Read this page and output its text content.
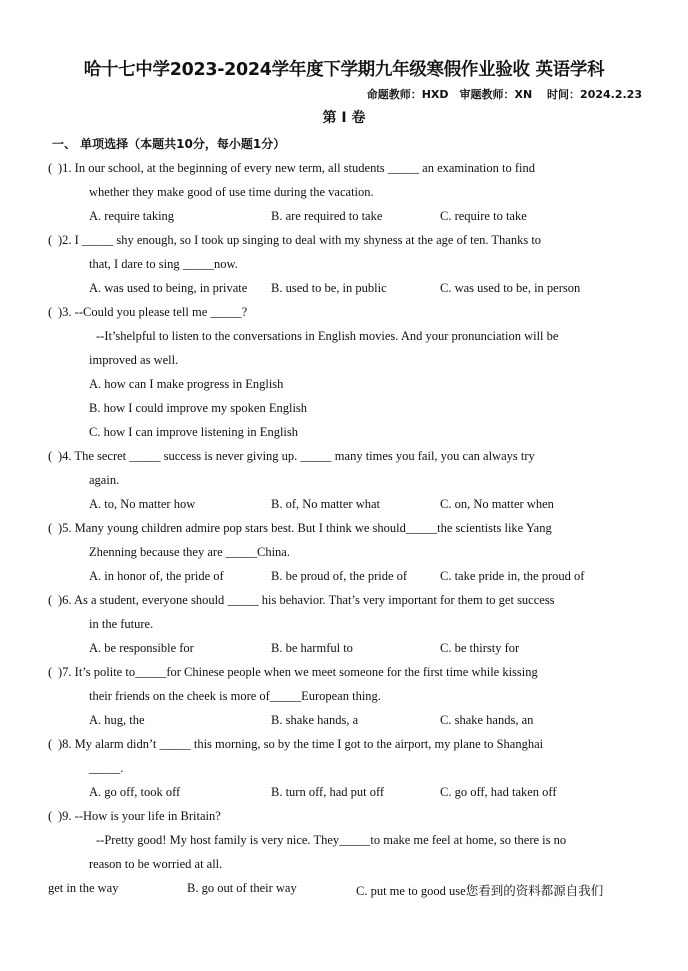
哈十七中学2023-2024学年度下学期九年级寒假作业验收 英语学科
命题教师：HXD　审题教师：XN　 时间：2024.2.23
第 I 卷
一、 单项选择（本题共10分，每小题1分）
( )1. In our school, at the beginning of every new term, all students _____ an examination to find
whether they make good of use time during the vacation.
A. require taking	B. are required to take	C. require to take
( )2. I _____ shy enough, so I took up singing to deal with my shyness at the age of ten. Thanks to
that, I dare to sing _____now.
A. was used to being, in private B. used to be, in public	C. was used to be, in person
( )3. --Could you please tell me _____?
--It’shelpful to listen to the conversations in English movies. And your pronunciation will be
improved as well.
A. how can I make progress in English
B. how I could improve my spoken English
C. how I can improve listening in English
( )4. The secret _____ success is never giving up. _____ many times you fail, you can always try
again.
A. to, No matter how	B. of, No matter what	C. on, No matter when
( )5. Many young children admire pop stars best. But I think we should_____the scientists like Yang
Zhenning because they are _____China.
A. in honor of, the pride of	B. be proud of, the pride of	C. take pride in, the proud of
( )6. As a student, everyone should _____ his behavior. That’s very important for them to get success
in the future.
A. be responsible for	B. be harmful to	C. be thirsty for
( )7. It’s polite to_____for Chinese people when we meet someone for the first time while kissing
their friends on the cheek is more of_____European thing.
A. hug, the	B. shake hands, a	C. shake hands, an
( )8. My alarm didn’t _____ this morning, so by the time I got to the airport, my plane to Shanghai
_____.
A. go off, took off	B. turn off, had put off	C. go off, had taken off
( )9. --How is your life in Britain?
--Pretty good! My host family is very nice. They_____to make me feel at home, so there is no
reason to be worried at all.
get in the way	B. go out of their way	C. put me to good use您看到的资料都源自我们
